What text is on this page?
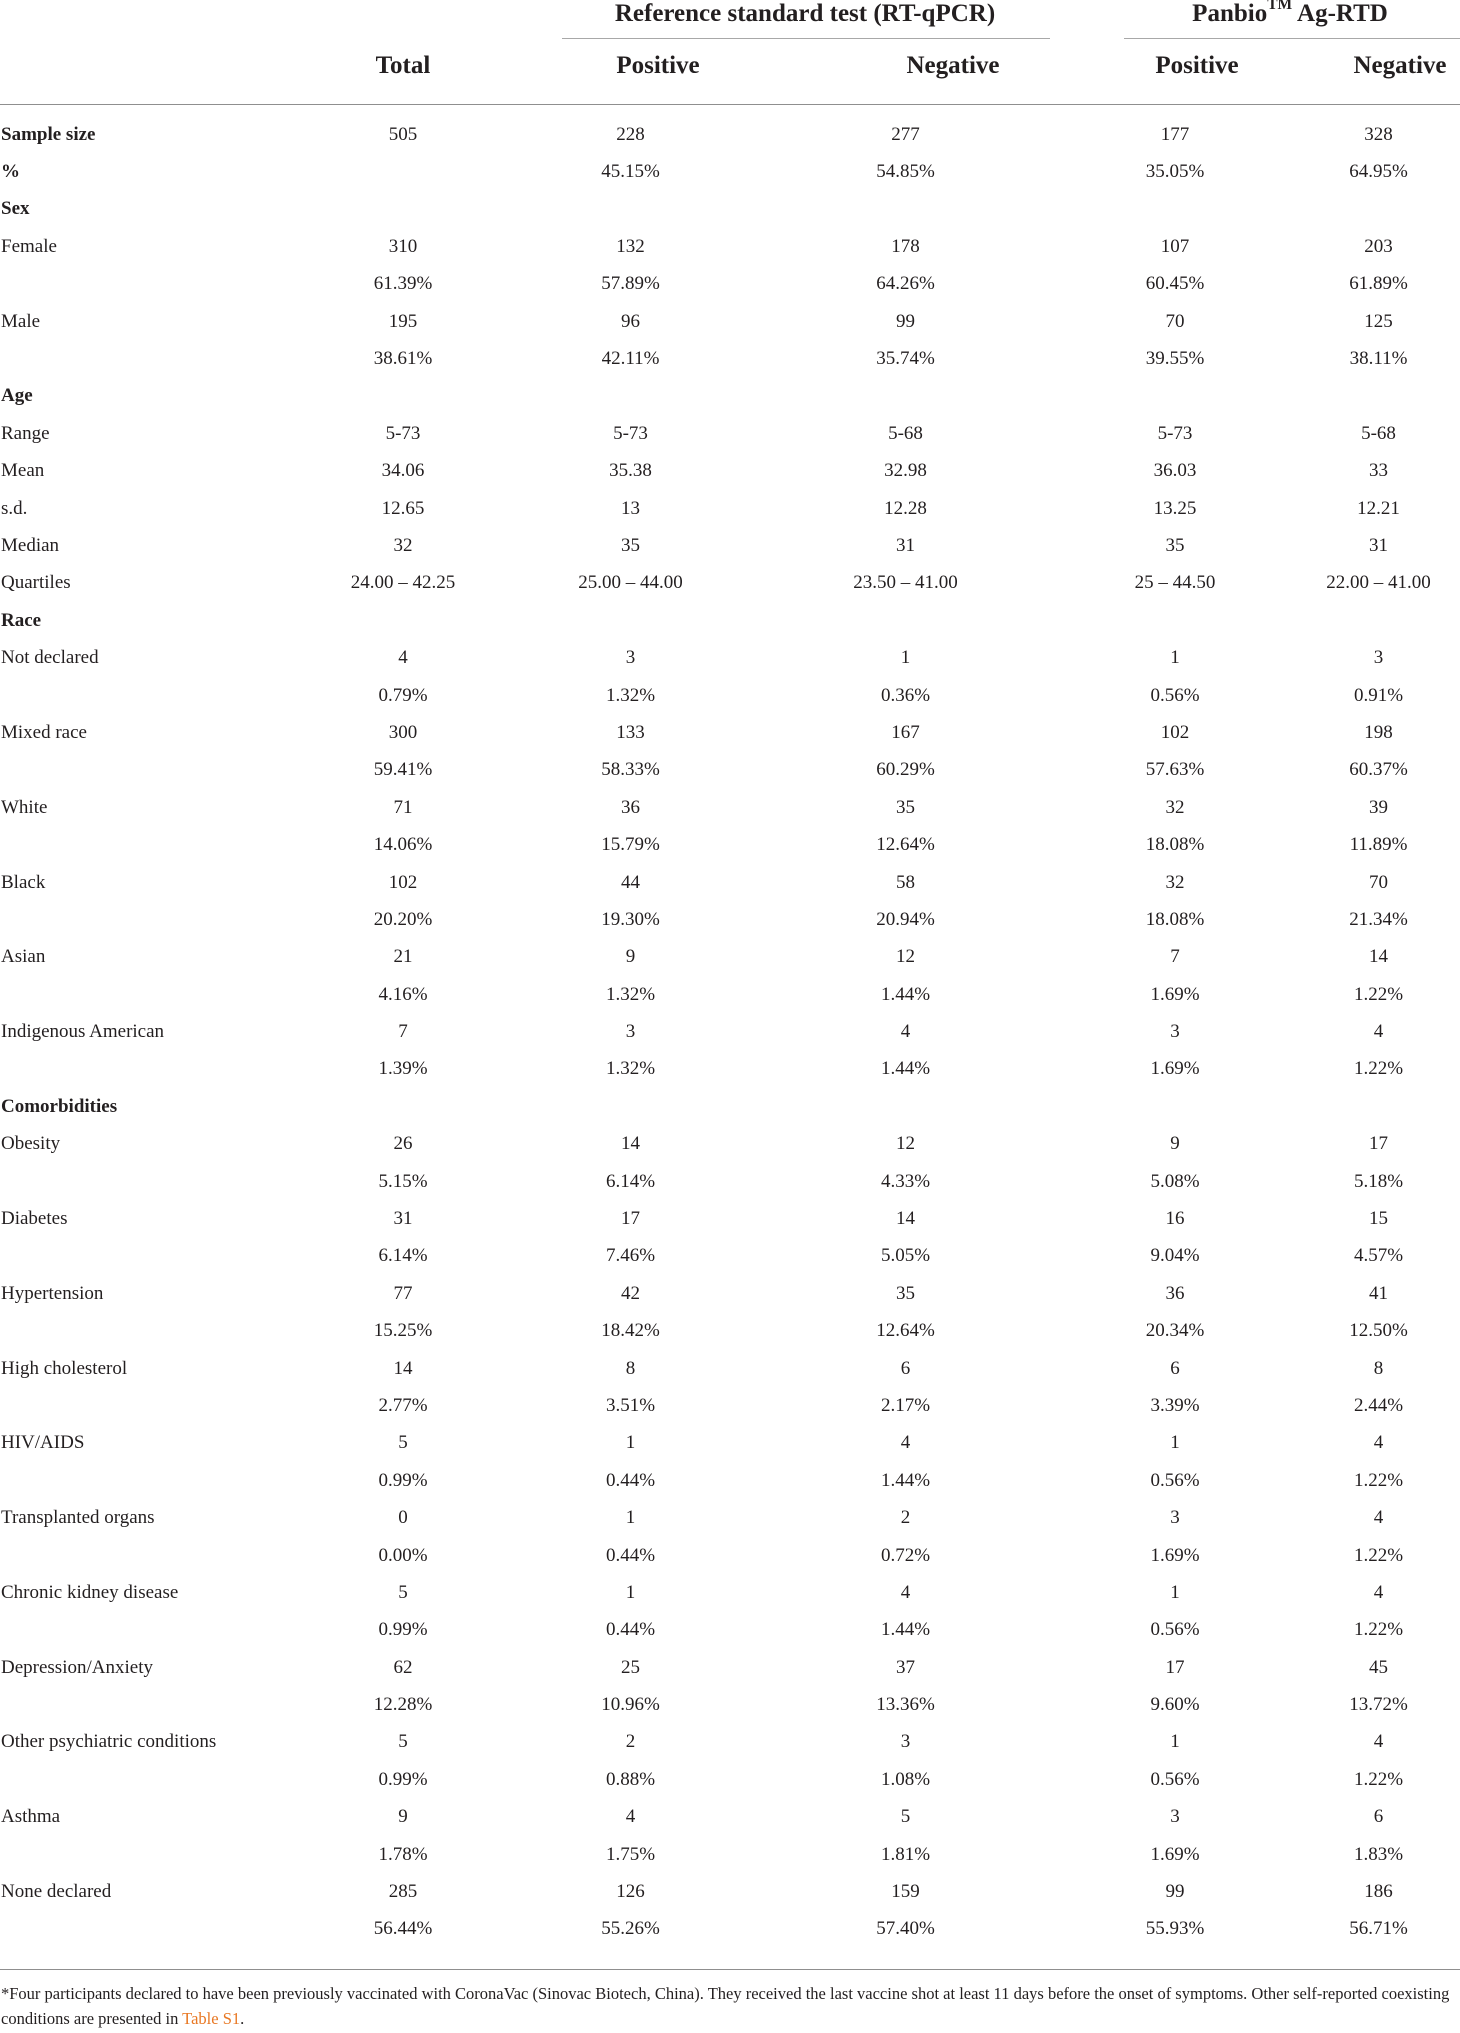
Reference standard test (RT-qPCR)	Panbio™ Ag-RTD
Total	Positive	Negative	Positive	Negative
Sample size	505	228	277	177	328
%		45.15%	54.85%	35.05%	64.95%
Sex					
Female	310	132	178	107	203
	61.39%	57.89%	64.26%	60.45%	61.89%
Male	195	96	99	70	125
	38.61%	42.11%	35.74%	39.55%	38.11%
Age					
Range	5-73	5-73	5-68	5-73	5-68
Mean	34.06	35.38	32.98	36.03	33
s.d.	12.65	13	12.28	13.25	12.21
Median	32	35	31	35	31
Quartiles	24.00 – 42.25	25.00 – 44.00	23.50 – 41.00	25 – 44.50	22.00 – 41.00
Race					
Not declared	4	3	1	1	3
	0.79%	1.32%	0.36%	0.56%	0.91%
Mixed race	300	133	167	102	198
	59.41%	58.33%	60.29%	57.63%	60.37%
White	71	36	35	32	39
	14.06%	15.79%	12.64%	18.08%	11.89%
Black	102	44	58	32	70
	20.20%	19.30%	20.94%	18.08%	21.34%
Asian	21	9	12	7	14
	4.16%	1.32%	1.44%	1.69%	1.22%
Indigenous American	7	3	4	3	4
	1.39%	1.32%	1.44%	1.69%	1.22%
Comorbidities					
Obesity	26	14	12	9	17
	5.15%	6.14%	4.33%	5.08%	5.18%
Diabetes	31	17	14	16	15
	6.14%	7.46%	5.05%	9.04%	4.57%
Hypertension	77	42	35	36	41
	15.25%	18.42%	12.64%	20.34%	12.50%
High cholesterol	14	8	6	6	8
	2.77%	3.51%	2.17%	3.39%	2.44%
HIV/AIDS	5	1	4	1	4
	0.99%	0.44%	1.44%	0.56%	1.22%
Transplanted organs	0	1	2	3	4
	0.00%	0.44%	0.72%	1.69%	1.22%
Chronic kidney disease	5	1	4	1	4
	0.99%	0.44%	1.44%	0.56%	1.22%
Depression/Anxiety	62	25	37	17	45
	12.28%	10.96%	13.36%	9.60%	13.72%
Other psychiatric conditions	5	2	3	1	4
	0.99%	0.88%	1.08%	0.56%	1.22%
Asthma	9	4	5	3	6
	1.78%	1.75%	1.81%	1.69%	1.83%
None declared	285	126	159	99	186
	56.44%	55.26%	57.40%	55.93%	56.71%
*Four participants declared to have been previously vaccinated with CoronaVac (Sinovac Biotech, China). They received the last vaccine shot at least 11 days before the onset of symptoms. Other self-reported coexisting conditions are presented in Table S1.
